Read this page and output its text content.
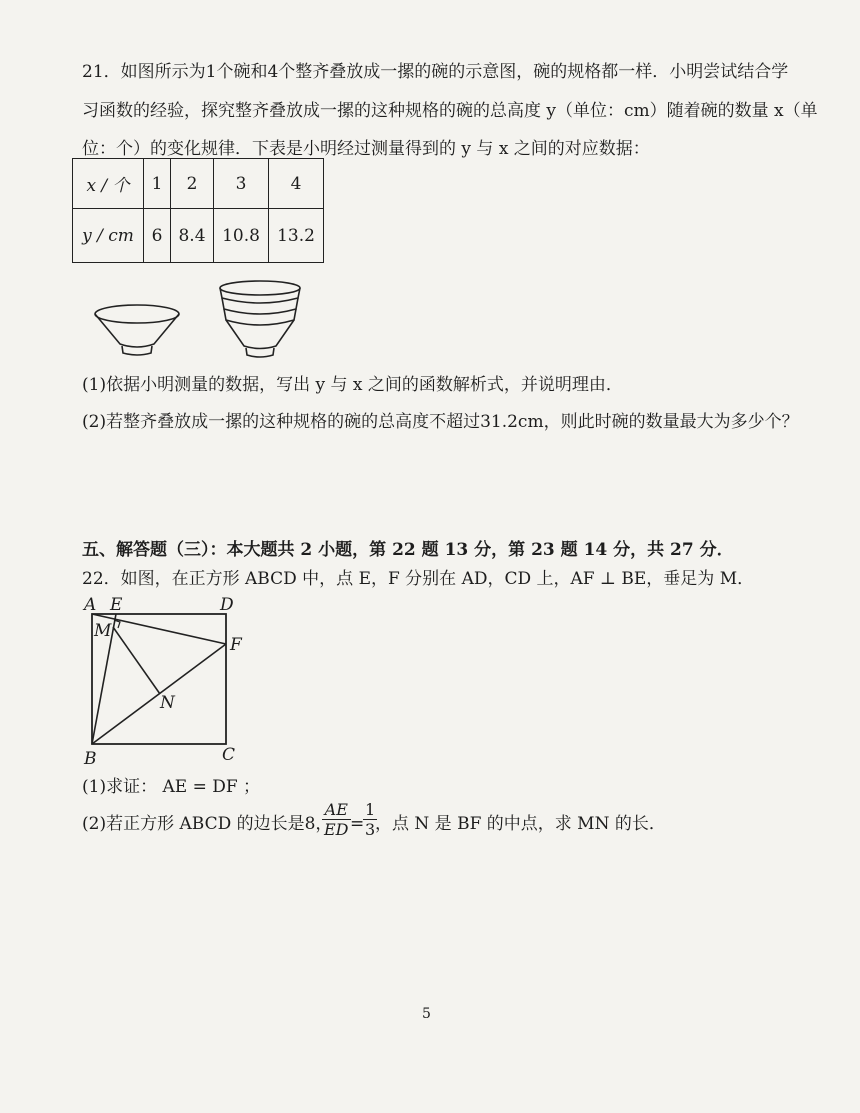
21．如图所示为1个碗和4个整齐叠放成一摞的碗的示意图，碗的规格都一样．小明尝试结合学
习函数的经验，探究整齐叠放成一摞的这种规格的碗的总高度 y（单位：cm）随着碗的数量 x（单
位：个）的变化规律．下表是小明经过测量得到的 y 与 x 之间的对应数据：
x / 个	1	2	3	4
y / cm	6	8.4	10.8	13.2
(1)依据小明测量的数据，写出 y 与 x 之间的函数解析式，并说明理由．
(2)若整齐叠放成一摞的这种规格的碗的总高度不超过31.2cm，则此时碗的数量最大为多少个？
五、解答题（三）：本大题共 2 小题，第 22 题 13 分，第 23 题 14 分，共 27 分．
22．如图，在正方形 ABCD 中，点 E，F 分别在 AD，CD 上，AF ⊥ BE，垂足为 M．
A E	D
M
F
N
B	C
(1)求证： AE = DF ；
(2)若正方形 ABCD 的边长是8，
$\frac{AE}{ED}$ =
$\frac{1}{3}$
，点 N 是 BF 的中点，求 MN 的长．
5
